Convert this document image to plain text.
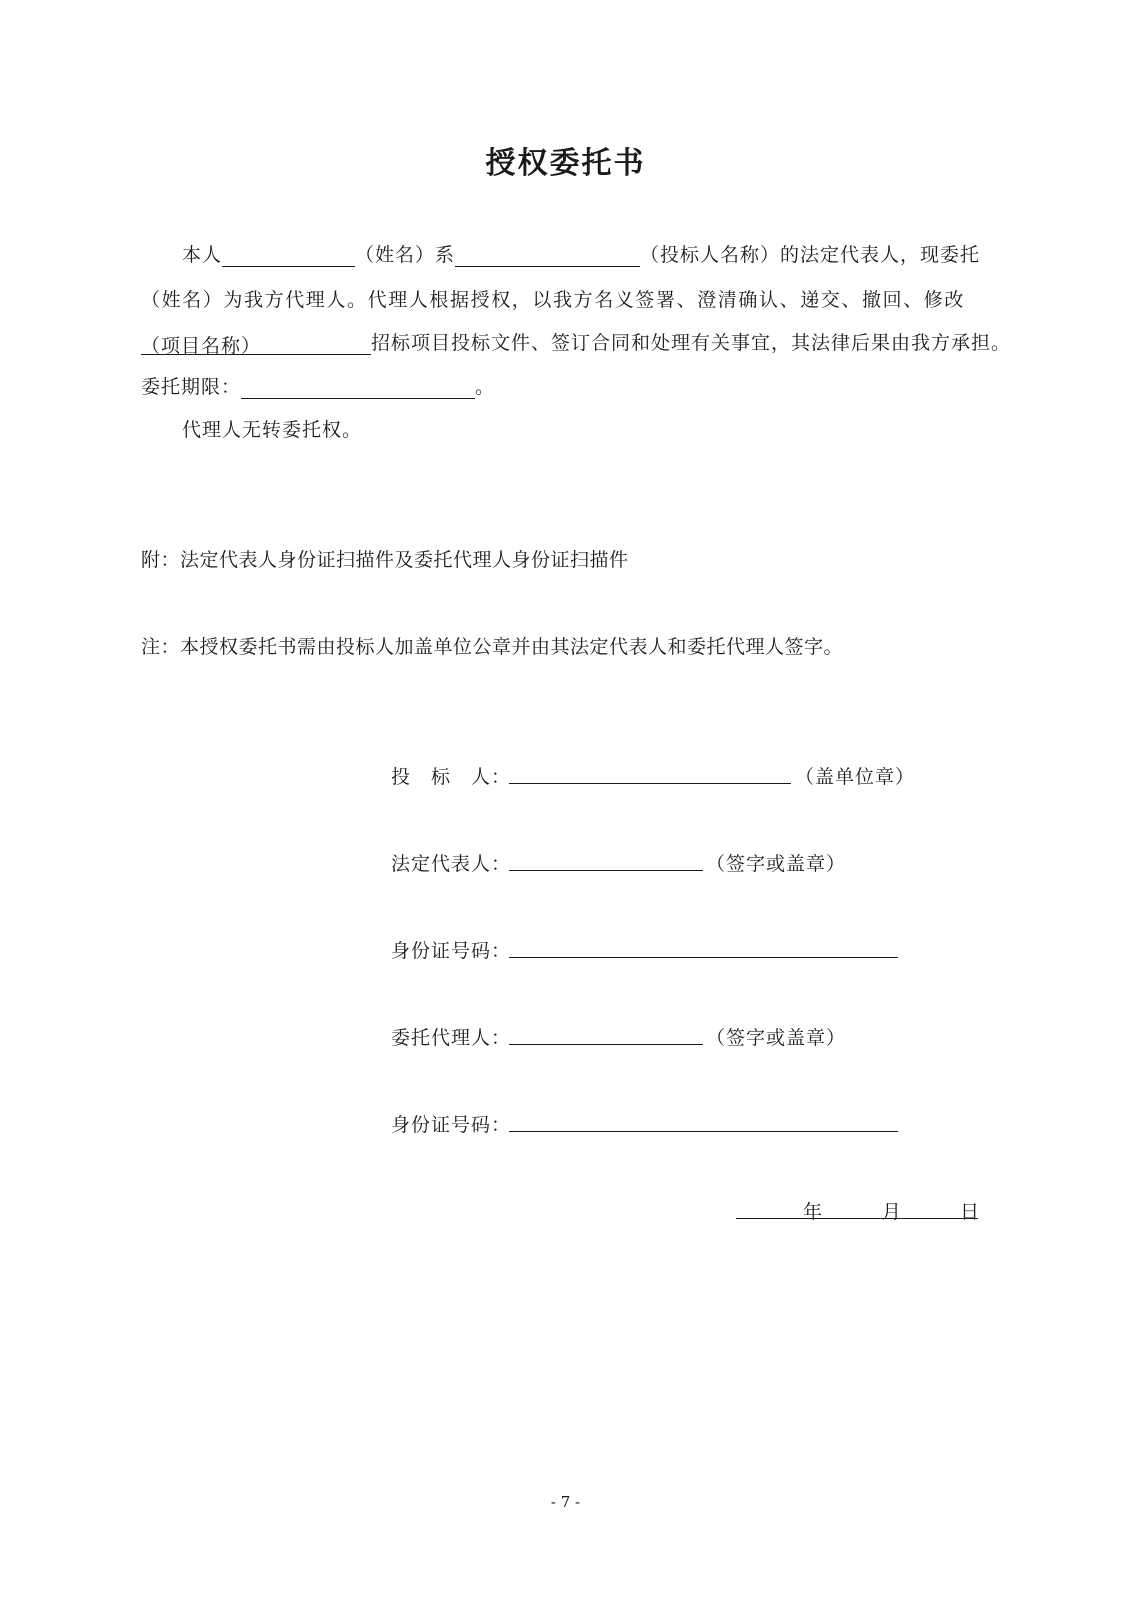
授权委托书
本人	（姓名）系	（投标人名称）的法定代表人，现委托
（姓名）为我方代理人。代理人根据授权，以我方名义签署、澄清确认、递交、撤回、修改
（项目名称）	招标项目投标文件、签订合同和处理有关事宜，其法律后果由我方承担。
委托期限：	。
代理人无转委托权。
附：法定代表人身份证扫描件及委托代理人身份证扫描件
注：本授权委托书需由投标人加盖单位公章并由其法定代表人和委托代理人签字。
投　标　人：	（盖单位章）
法定代表人：	（签字或盖章）
身份证号码：
委托代理人：	（签字或盖章）
身份证号码：
年	月	日
- 7 -
